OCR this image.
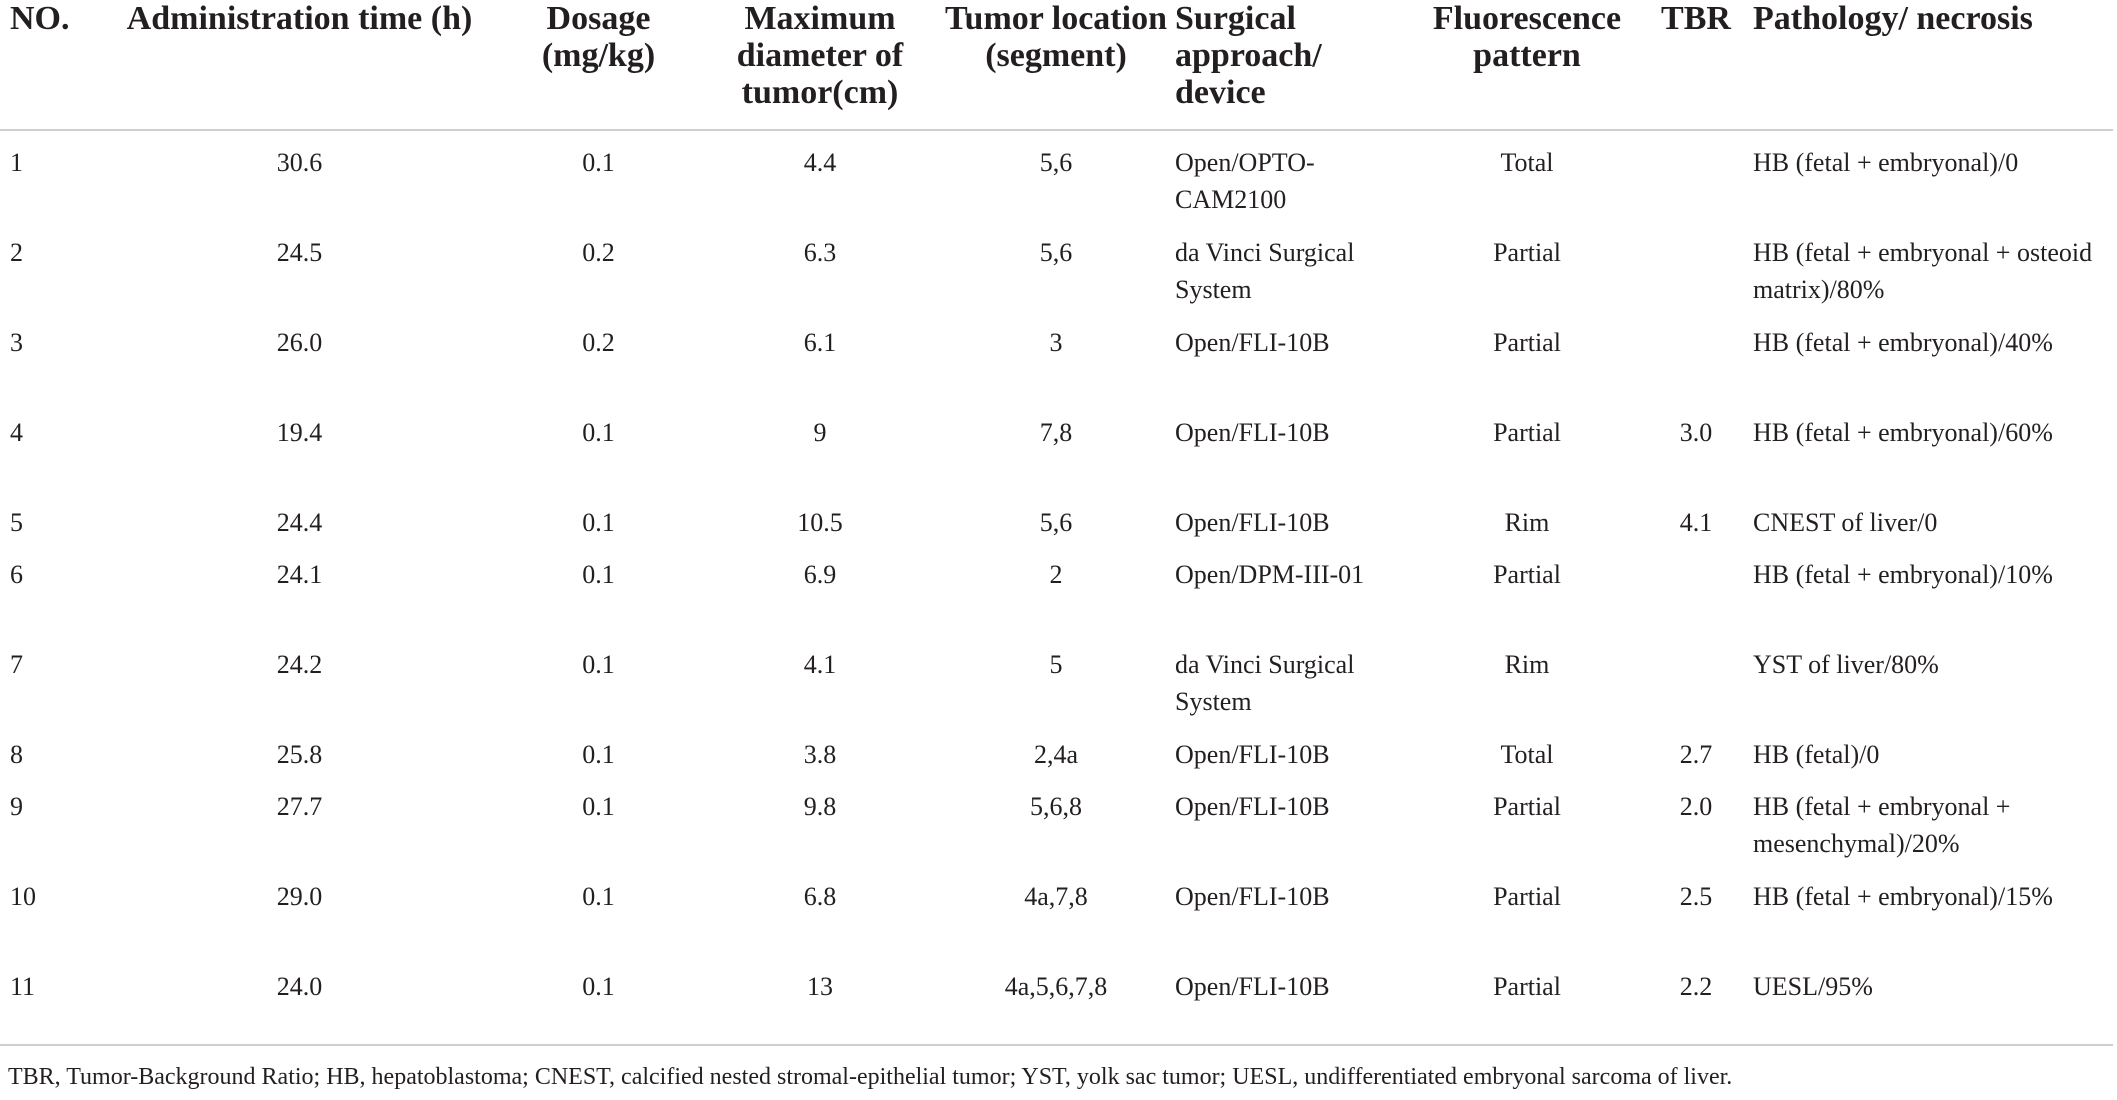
NO.	Administration time (h)	Dosage (mg/kg)	Maximum diameter of tumor(cm)	Tumor location (segment)	Surgical approach/ device	Fluorescence pattern	TBR	Pathology/ necrosis

1	30.6	0.1	4.4	5,6	Open/OPTO-CAM2100	Total		HB (fetal + embryonal)/0
2	24.5	0.2	6.3	5,6	da Vinci Surgical System	Partial		HB (fetal + embryonal + osteoid matrix)/80%
3	26.0	0.2	6.1	3	Open/FLI-10B	Partial		HB (fetal + embryonal)/40%
4	19.4	0.1	9	7,8	Open/FLI-10B	Partial	3.0	HB (fetal + embryonal)/60%
5	24.4	0.1	10.5	5,6	Open/FLI-10B	Rim	4.1	CNEST of liver/0
6	24.1	0.1	6.9	2	Open/DPM-III-01	Partial		HB (fetal + embryonal)/10%
7	24.2	0.1	4.1	5	da Vinci Surgical System	Rim		YST of liver/80%
8	25.8	0.1	3.8	2,4a	Open/FLI-10B	Total	2.7	HB (fetal)/0
9	27.7	0.1	9.8	5,6,8	Open/FLI-10B	Partial	2.0	HB (fetal + embryonal + mesenchymal)/20%
10	29.0	0.1	6.8	4a,7,8	Open/FLI-10B	Partial	2.5	HB (fetal + embryonal)/15%
11	24.0	0.1	13	4a,5,6,7,8	Open/FLI-10B	Partial	2.2	UESL/95%
TBR, Tumor-Background Ratio; HB, hepatoblastoma; CNEST, calcified nested stromal-epithelial tumor; YST, yolk sac tumor; UESL, undifferentiated embryonal sarcoma of liver.
